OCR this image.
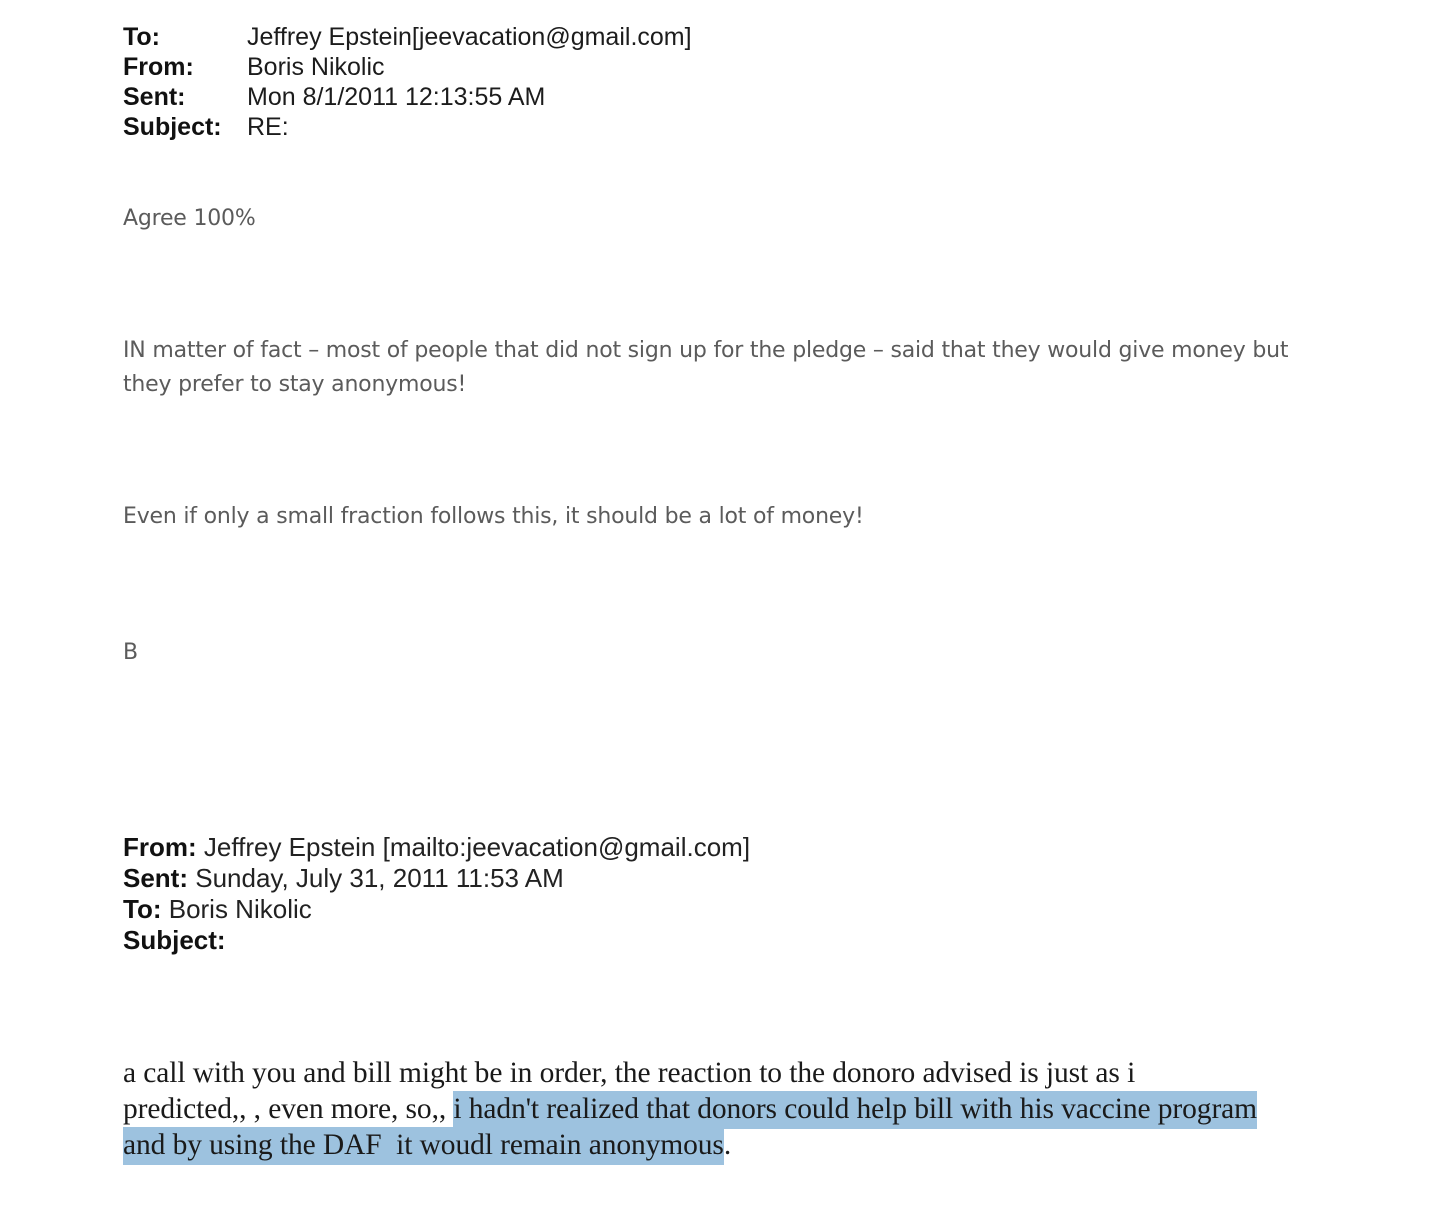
To:	Jeffrey Epstein[jeevacation@gmail.com]
From:	Boris Nikolic
Sent:	Mon 8/1/2011 12:13:55 AM
Subject:	RE:
Agree 100%
IN matter of fact – most of people that did not sign up for the pledge – said that they would give money but they prefer to stay anonymous!
Even if only a small fraction follows this, it should be a lot of money!
B
From: Jeffrey Epstein [mailto:jeevacation@gmail.com]
Sent: Sunday, July 31, 2011 11:53 AM
To: Boris Nikolic
Subject:
a call with you and bill might be in order, the reaction to the donoro advised is just as i
predicted,, , even more, so,, i hadn't realized that donors could help bill with his vaccine program
and by using the DAF  it woudl remain anonymous.
